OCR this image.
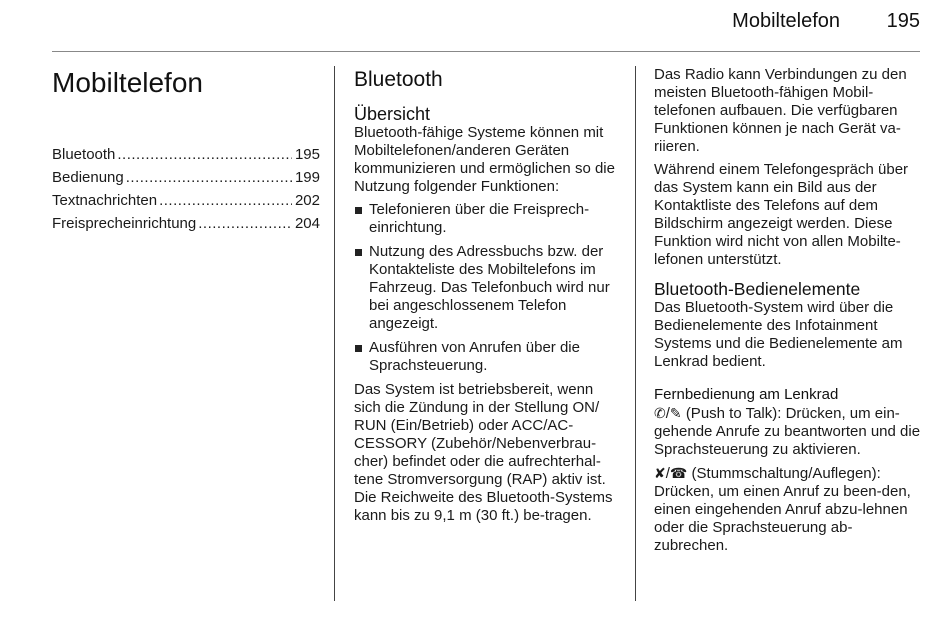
Mobiltelefon 195
Mobiltelefon
Bluetooth .....	195
Bedienung .....	199
Textnachrichten .....	202
Freisprecheinrichtung .....	204
Bluetooth
Übersicht

Bluetooth-fähige Systeme können mit Mobiltelefonen/anderen Geräten kommunizieren und ermöglichen so die Nutzung folgender Funktionen:

Telefonieren über die Freisprech-einrichtung.
Nutzung des Adressbuchs bzw. der Kontakteliste des Mobiltelefons im Fahrzeug. Das Telefonbuch wird nur bei angeschlossenem Telefon angezeigt.
Ausführen von Anrufen über die Sprachsteuerung.

Das System ist betriebsbereit, wenn sich die Zündung in der Stellung ON/ RUN (Ein/Betrieb) oder ACC/AC-CESSORY (Zubehör/Nebenverbrau-cher) befindet oder die aufrechterhal-tene Stromversorgung (RAP) aktiv ist. Die Reichweite des Bluetooth-Systems kann bis zu 9,1 m (30 ft.) be-tragen.

Das Radio kann Verbindungen zu den meisten Bluetooth-fähigen Mobil-telefonen aufbauen. Die verfügbaren Funktionen können je nach Gerät va-riieren.

Während einem Telefongespräch über das System kann ein Bild aus der Kontaktliste des Telefons auf dem Bildschirm angezeigt werden. Diese Funktion wird nicht von allen Mobilte-lefonen unterstützt.

Bluetooth-Bedienelemente

Das Bluetooth-System wird über die Bedienelemente des Infotainment Systems und die Bedienelemente am Lenkrad bedient.

Fernbedienung am Lenkrad

✆/✎ (Push to Talk): Drücken, um ein-gehende Anrufe zu beantworten und die Sprachsteuerung zu aktivieren.

✘/☎ (Stummschaltung/Auflegen): Drücken, um einen Anruf zu been-den, einen eingehenden Anruf abzu-lehnen oder die Sprachsteuerung ab-zubrechen.
